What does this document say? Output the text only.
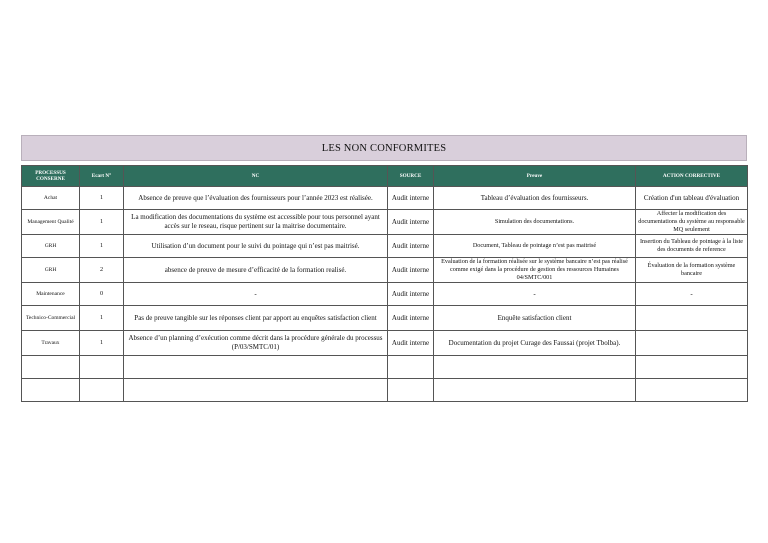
LES NON CONFORMITES
PROCESSUS CONSERNE	Ecart N°	NC	SOURCE	Preuve	ACTION CORRECTIVE
Achat	1	Absence de preuve que l’évaluation des fournisseurs pour l’année 2023 est réalisée.	Audit interne	Tableau d’évaluation des fournisseurs.	Création d'un tableau d'évaluation
Management Qualité	1	La modification des documentations du système est accessible pour tous personnel ayant accès sur le reseau, risque pertinent sur la maitrise documentaire.	Audit interne	Simulation des documentations.	Affecter la modification des documentations du système au responsable MQ seulement
GRH	1	Utilisation d’un document pour le suivi du pointage qui n’est pas maitrisé.	Audit interne	Document, Tableau de pointage n’est pas maitrisé	Insertion du Tableau de pointage à la liste des documents de reference
GRH	2	absence de preuve de mesure d’efficacité de la formation realisé.	Audit interne	Evaluation de la formation réalisée sur le système bancaire n’est pas réalisé comme exigé dans la procédure de gestion des ressources Humaines 04/SMTC/001	Évaluation de la formation système bancaire
Maintenance	0	-	Audit interne	-	-
Technico-Commercial	1	Pas de preuve tangible sur les réponses client par apport au enquêtes satisfaction client	Audit interne	Enquête satisfaction client	
Travaux	1	Absence d’un planning d’exécution comme décrit dans la procédure générale du processus (P/03/SMTC/01)	Audit interne	Documentation du projet Curage des Faussai (projet Tbolba).	
